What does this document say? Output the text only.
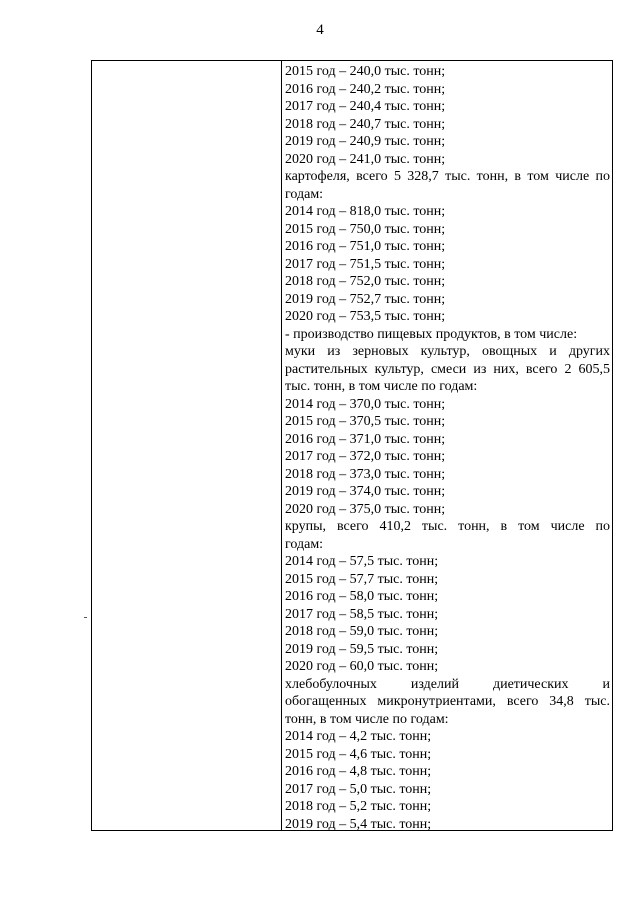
4
2015 год – 240,0 тыс. тонн;
2016 год – 240,2 тыс. тонн;
2017 год – 240,4 тыс. тонн;
2018 год – 240,7 тыс. тонн;
2019 год – 240,9 тыс. тонн;
2020 год – 241,0 тыс. тонн;
картофеля, всего 5 328,7 тыс. тонн, в том числе по
годам:
2014 год – 818,0 тыс. тонн;
2015 год – 750,0 тыс. тонн;
2016 год – 751,0 тыс. тонн;
2017 год – 751,5 тыс. тонн;
2018 год – 752,0 тыс. тонн;
2019 год – 752,7 тыс. тонн;
2020 год – 753,5 тыс. тонн;
- производство пищевых продуктов, в том числе:
муки из зерновых культур, овощных и других
растительных культур, смеси из них, всего 2 605,5
тыс. тонн, в том числе по годам:
2014 год – 370,0 тыс. тонн;
2015 год – 370,5 тыс. тонн;
2016 год – 371,0 тыс. тонн;
2017 год – 372,0 тыс. тонн;
2018 год – 373,0 тыс. тонн;
2019 год – 374,0 тыс. тонн;
2020 год – 375,0 тыс. тонн;
крупы, всего 410,2 тыс. тонн, в том числе по
годам:
2014 год – 57,5 тыс. тонн;
2015 год – 57,7 тыс. тонн;
2016 год – 58,0 тыс. тонн;
2017 год – 58,5 тыс. тонн;
2018 год – 59,0 тыс. тонн;
2019 год – 59,5 тыс. тонн;
2020 год – 60,0 тыс. тонн;
хлебобулочных изделий диетических и
обогащенных микронутриентами, всего 34,8 тыс.
тонн, в том числе по годам:
2014 год – 4,2 тыс. тонн;
2015 год – 4,6 тыс. тонн;
2016 год – 4,8 тыс. тонн;
2017 год – 5,0 тыс. тонн;
2018 год – 5,2 тыс. тонн;
2019 год – 5,4 тыс. тонн;
